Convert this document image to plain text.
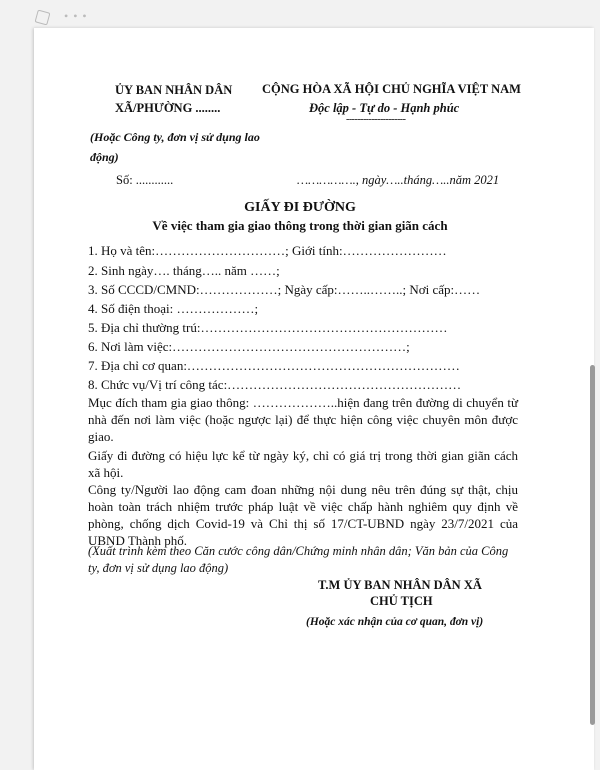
• • •
ỦY BAN NHÂN DÂN
XÃ/PHƯỜNG ........
CỘNG HÒA XÃ HỘI CHỦ NGHĨA VIỆT NAM
Độc lập - Tự do - Hạnh phúc
---------------------
(Hoặc Công ty, đơn vị sử dụng lao động)
Số: ............	……………., ngày…..tháng…..năm 2021
GIẤY ĐI ĐƯỜNG
Về việc tham gia giao thông trong thời gian giãn cách
1. Họ và tên:…………………………; Giới tính:……………………
2. Sinh ngày…. tháng….. năm ……;
3. Số CCCD/CMND:………………; Ngày cấp:……..……..; Nơi cấp:……
4. Số điện thoại: ………………;
5. Địa chỉ thường trú:…………………………………………………
6. Nơi làm việc:………………………………………………;
7. Địa chỉ cơ quan:………………………………………………………
8. Chức vụ/Vị trí công tác:………………………………………………
Mục đích tham gia giao thông: ………………..hiện đang trên đường di chuyển từ nhà đến nơi làm việc (hoặc ngược lại) để thực hiện công việc chuyên môn được giao.
Giấy đi đường có hiệu lực kể từ ngày ký, chỉ có giá trị trong thời gian giãn cách xã hội.
Công ty/Người lao động cam đoan những nội dung nêu trên đúng sự thật, chịu hoàn toàn trách nhiệm trước pháp luật về việc chấp hành nghiêm quy định về phòng, chống dịch Covid-19 và Chỉ thị số 17/CT-UBND ngày 23/7/2021 của UBND Thành phố.
(Xuất trình kèm theo Căn cước công dân/Chứng minh nhân dân; Văn bản của Công ty, đơn vị sử dụng lao động)
T.M ỦY BAN NHÂN DÂN XÃ
CHỦ TỊCH
(Hoặc xác nhận của cơ quan, đơn vị)
